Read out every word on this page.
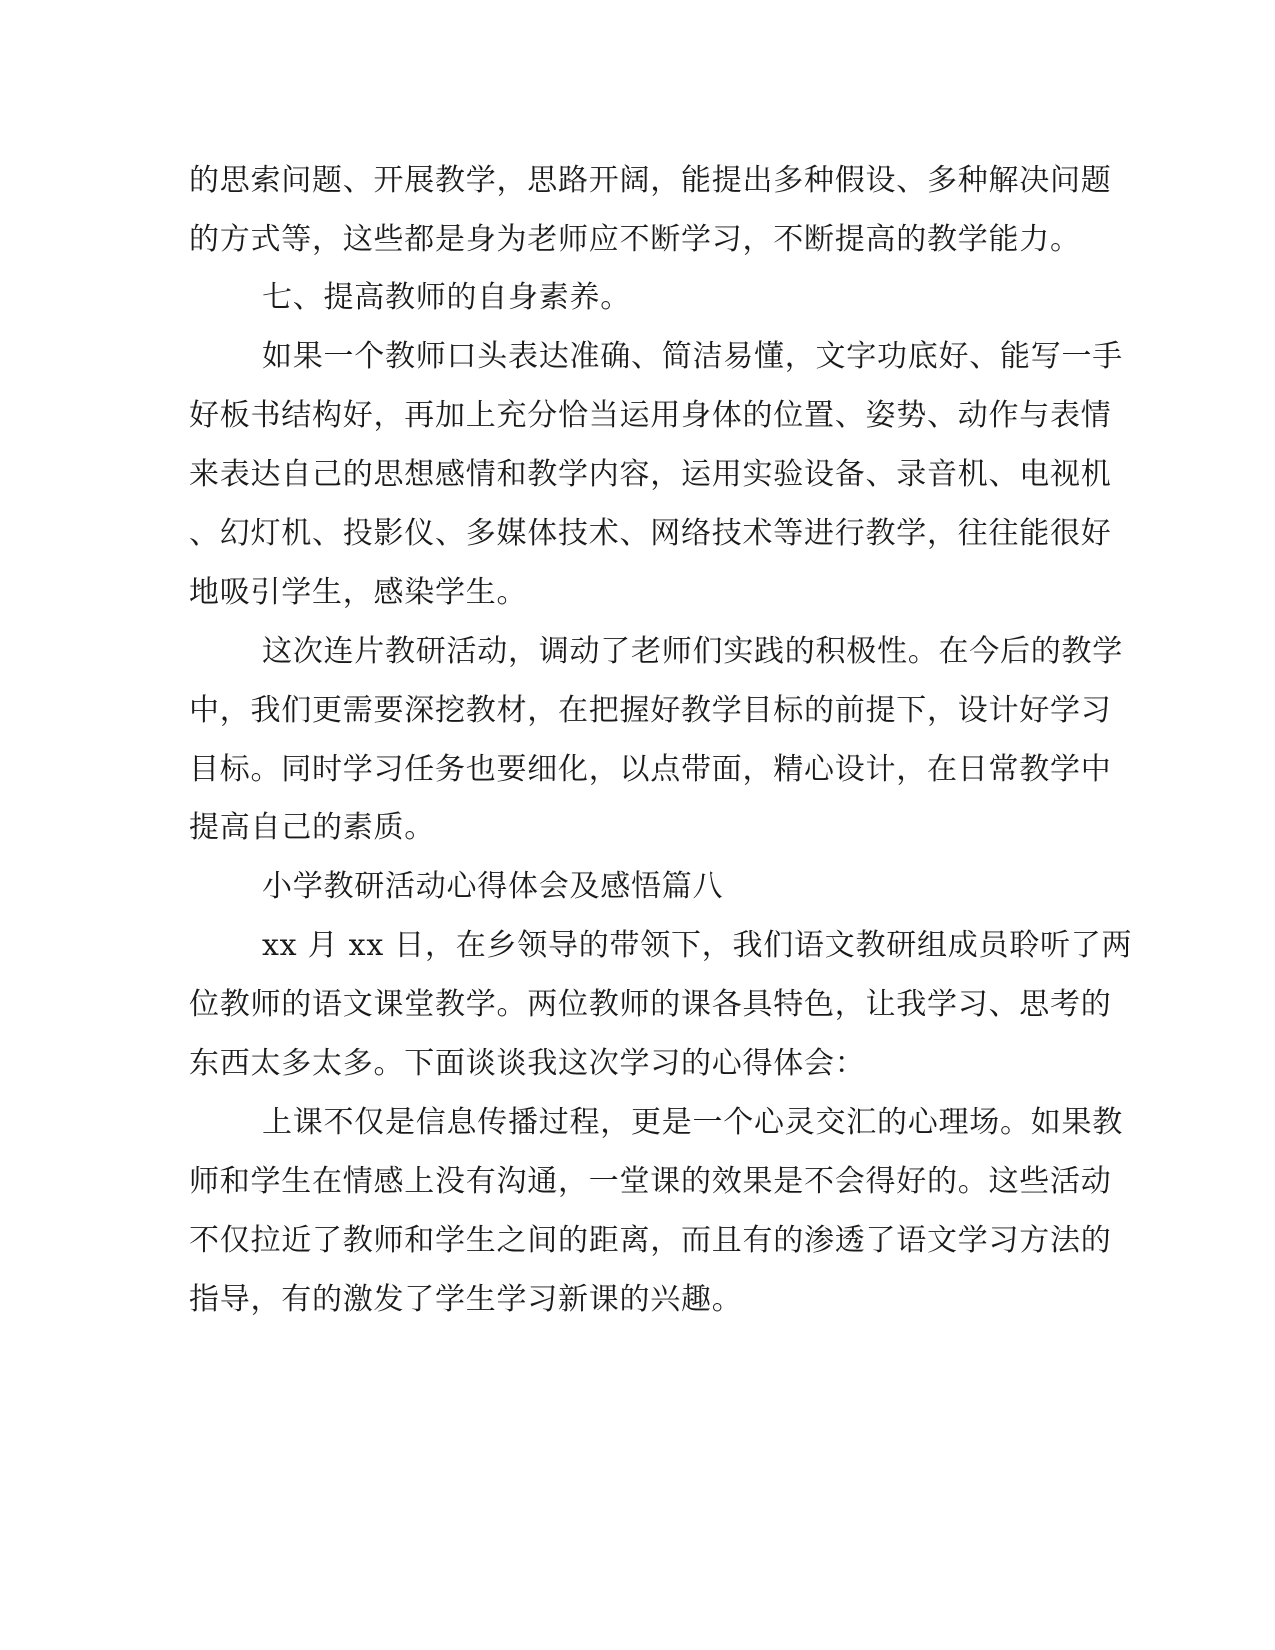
的思索问题、开展教学，思路开阔，能提出多种假设、多种解决问题
的方式等，这些都是身为老师应不断学习，不断提高的教学能力。
七、提高教师的自身素养。
如果一个教师口头表达准确、简洁易懂，文字功底好、能写一手
好板书结构好，再加上充分恰当运用身体的位置、姿势、动作与表情
来表达自己的思想感情和教学内容，运用实验设备、录音机、电视机
、幻灯机、投影仪、多媒体技术、网络技术等进行教学，往往能很好
地吸引学生，感染学生。
这次连片教研活动，调动了老师们实践的积极性。在今后的教学
中，我们更需要深挖教材，在把握好教学目标的前提下，设计好学习
目标。同时学习任务也要细化，以点带面，精心设计，在日常教学中
提高自己的素质。
小学教研活动心得体会及感悟篇八
xx 月 xx 日，在乡领导的带领下，我们语文教研组成员聆听了两
位教师的语文课堂教学。两位教师的课各具特色，让我学习、思考的
东西太多太多。下面谈谈我这次学习的心得体会：
上课不仅是信息传播过程，更是一个心灵交汇的心理场。如果教
师和学生在情感上没有沟通，一堂课的效果是不会得好的。这些活动
不仅拉近了教师和学生之间的距离，而且有的渗透了语文学习方法的
指导，有的激发了学生学习新课的兴趣。
